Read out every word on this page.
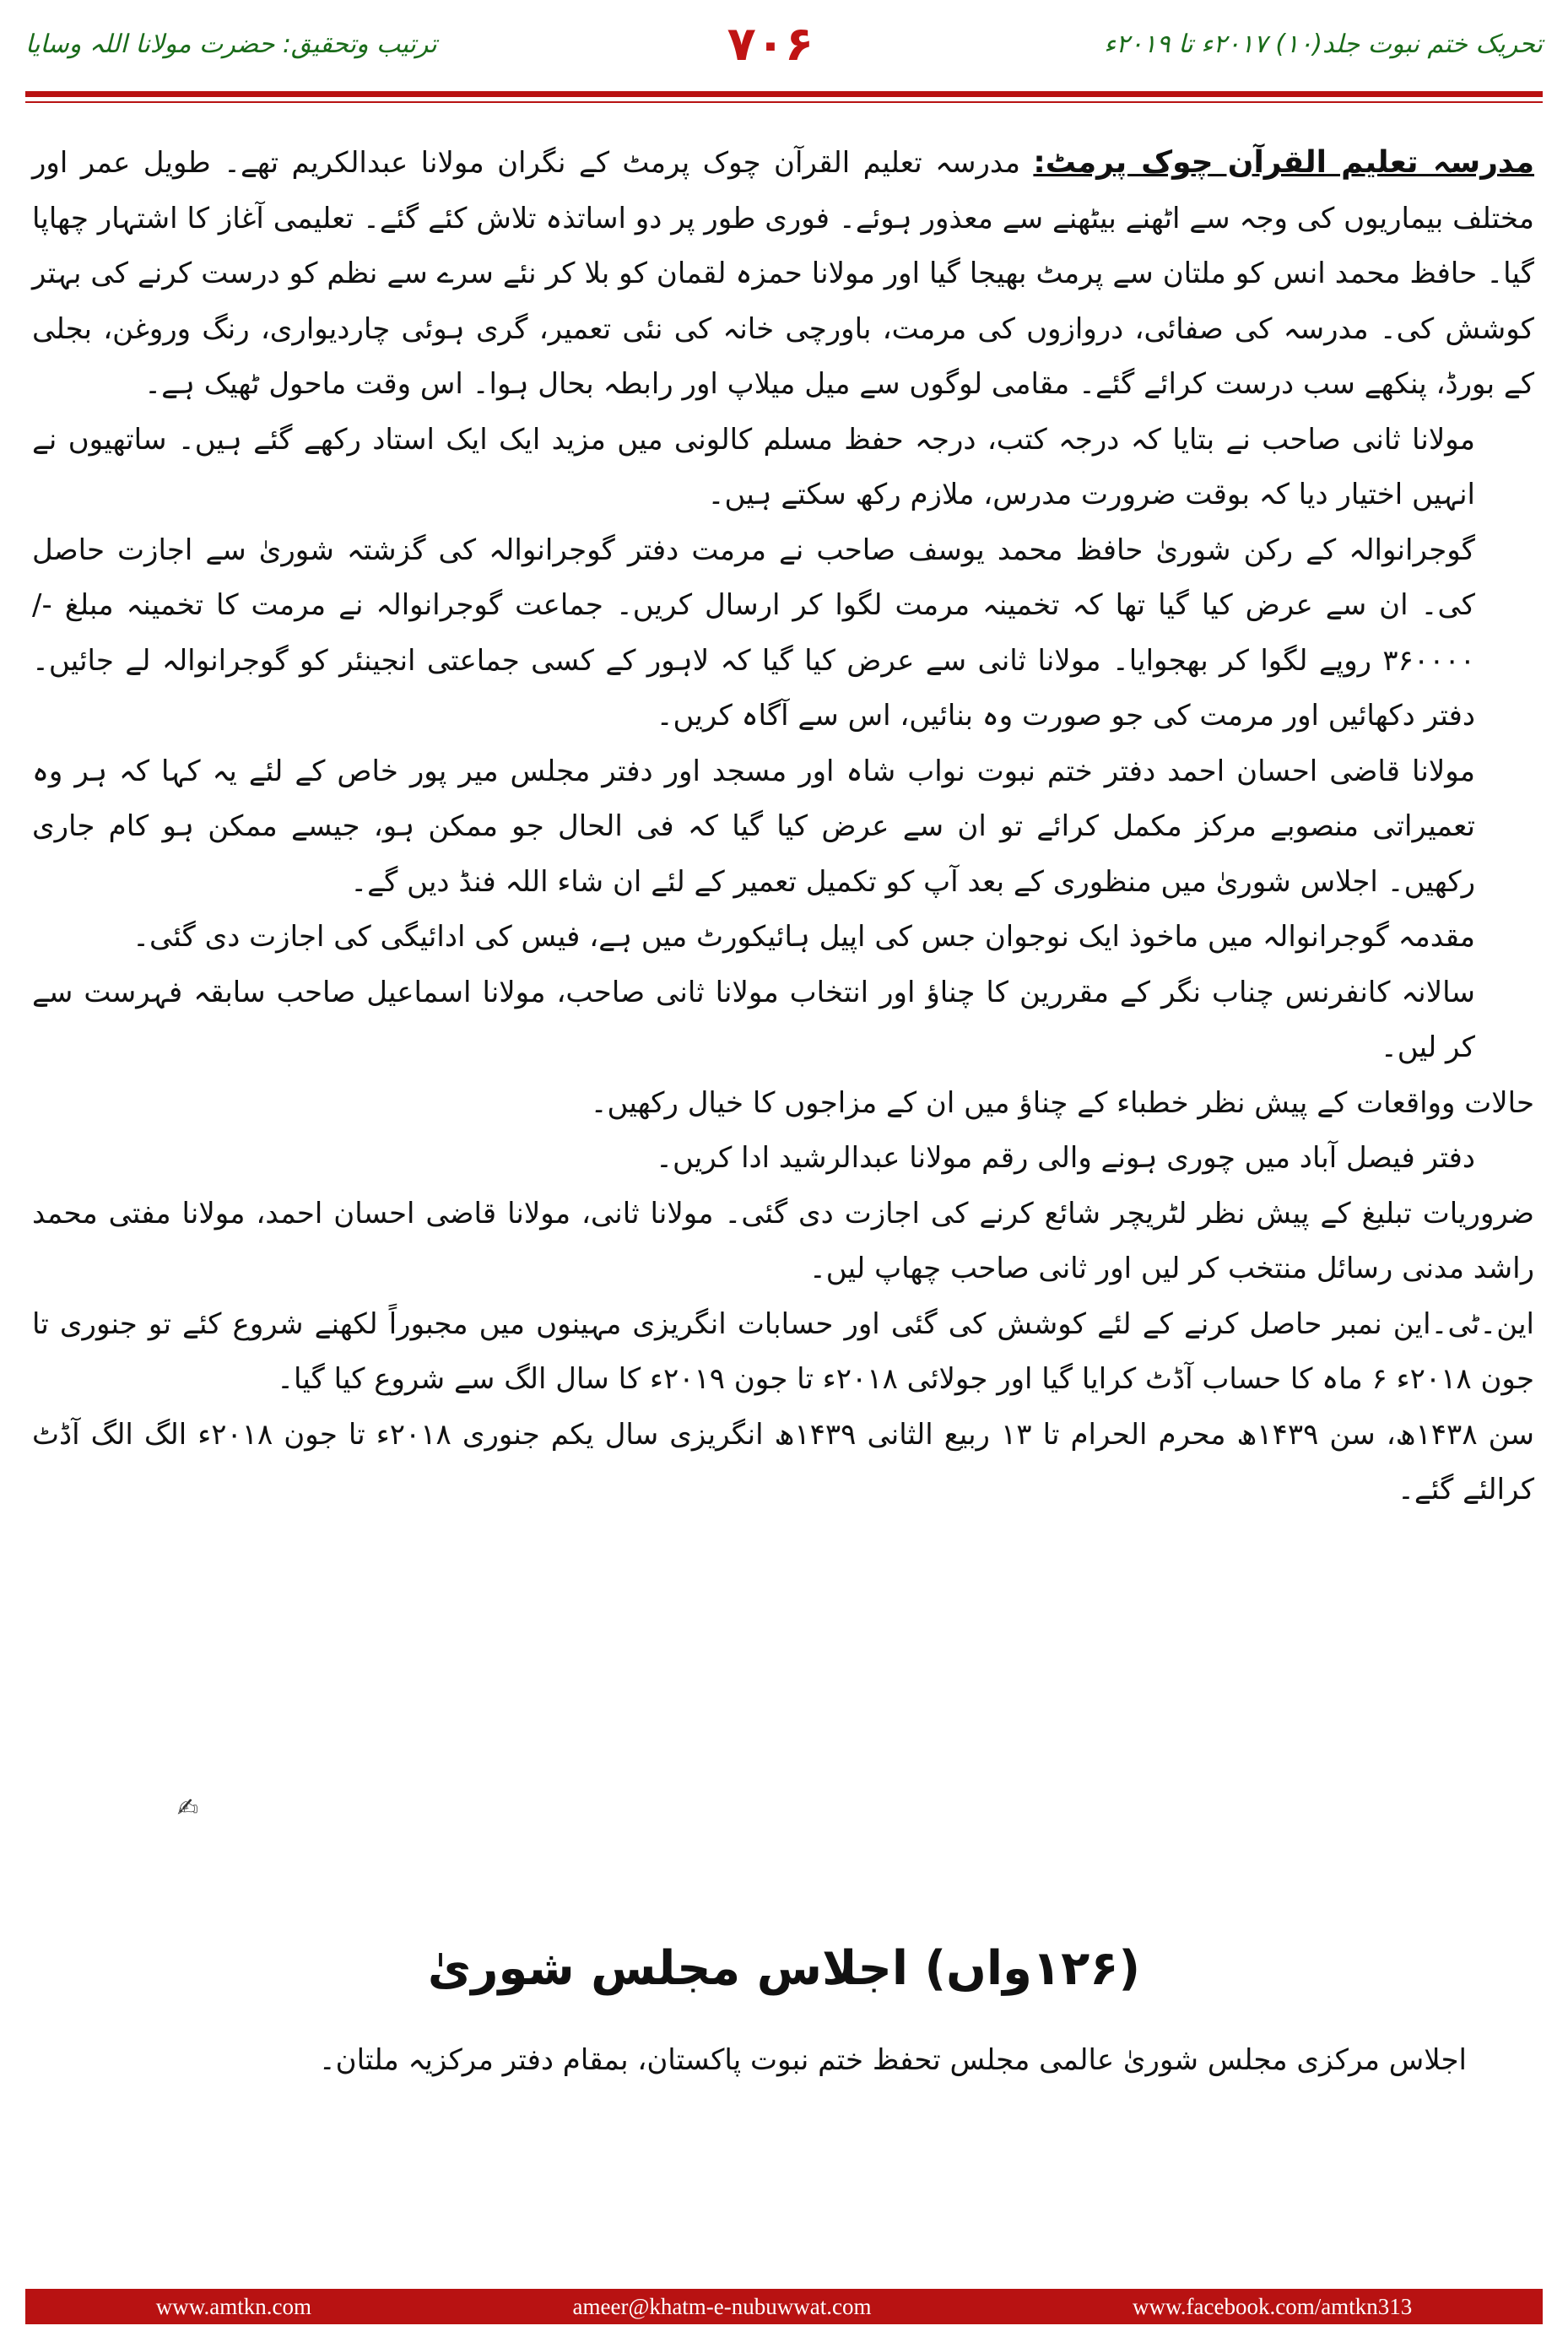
ترتیب وتحقیق: حضرت مولانا اللہ وسایا	۷۰۶	تحریک ختم نبوت جلد(۱۰) ۲۰۱۷ء تا ۲۰۱۹ء

مدرسہ تعلیم القرآن چوک پرمٹ: مدرسہ تعلیم القرآن چوک پرمٹ کے نگران مولانا عبدالکریم تھے۔ طویل عمر اور مختلف بیماریوں کی وجہ سے اٹھنے بیٹھنے سے معذور ہوئے۔ فوری طور پر دو اساتذہ تلاش کئے گئے۔ تعلیمی آغاز کا اشتہار چھاپا گیا۔ حافظ محمد انس کو ملتان سے پرمٹ بھیجا گیا اور مولانا حمزہ لقمان کو بلا کر نئے سرے سے نظم کو درست کرنے کی بہتر کوشش کی۔ مدرسہ کی صفائی، دروازوں کی مرمت، باورچی خانہ کی نئی تعمیر، گری ہوئی چاردیواری، رنگ وروغن، بجلی کے بورڈ، پنکھے سب درست کرائے گئے۔ مقامی لوگوں سے میل میلاپ اور رابطہ بحال ہوا۔ اس وقت ماحول ٹھیک ہے۔

مولانا ثانی صاحب نے بتایا کہ درجہ کتب، درجہ حفظ مسلم کالونی میں مزید ایک ایک استاد رکھے گئے ہیں۔ ساتھیوں نے انہیں اختیار دیا کہ بوقت ضرورت مدرس، ملازم رکھ سکتے ہیں۔

گوجرانوالہ کے رکن شوریٰ حافظ محمد یوسف صاحب نے مرمت دفتر گوجرانوالہ کی گزشتہ شوریٰ سے اجازت حاصل کی۔ ان سے عرض کیا گیا تھا کہ تخمینہ مرمت لگوا کر ارسال کریں۔ جماعت گوجرانوالہ نے مرمت کا تخمینہ مبلغ -/۳۶۰۰۰۰ روپے لگوا کر بھجوایا۔ مولانا ثانی سے عرض کیا گیا کہ لاہور کے کسی جماعتی انجینئر کو گوجرانوالہ لے جائیں۔ دفتر دکھائیں اور مرمت کی جو صورت وہ بنائیں، اس سے آگاہ کریں۔

مولانا قاضی احسان احمد دفتر ختم نبوت نواب شاہ اور مسجد اور دفتر مجلس میر پور خاص کے لئے یہ کہا کہ ہر وہ تعمیراتی منصوبے مرکز مکمل کرائے تو ان سے عرض کیا گیا کہ فی الحال جو ممکن ہو، جیسے ممکن ہو کام جاری رکھیں۔ اجلاس شوریٰ میں منظوری کے بعد آپ کو تکمیل تعمیر کے لئے ان شاء اللہ فنڈ دیں گے۔

مقدمہ گوجرانوالہ میں ماخوذ ایک نوجوان جس کی اپیل ہائیکورٹ میں ہے، فیس کی ادائیگی کی اجازت دی گئی۔

سالانہ کانفرنس چناب نگر کے مقررین کا چناؤ اور انتخاب مولانا ثانی صاحب، مولانا اسماعیل صاحب سابقہ فہرست سے کر لیں۔

حالات وواقعات کے پیش نظر خطباء کے چناؤ میں ان کے مزاجوں کا خیال رکھیں۔

دفتر فیصل آباد میں چوری ہونے والی رقم مولانا عبدالرشید ادا کریں۔

ضروریات تبلیغ کے پیش نظر لٹریچر شائع کرنے کی اجازت دی گئی۔ مولانا ثانی، مولانا قاضی احسان احمد، مولانا مفتی محمد راشد مدنی رسائل منتخب کر لیں اور ثانی صاحب چھاپ لیں۔

این۔ٹی۔این نمبر حاصل کرنے کے لئے کوشش کی گئی اور حسابات انگریزی مہینوں میں مجبوراً لکھنے شروع کئے تو جنوری تا جون ۲۰۱۸ء ۶ ماہ کا حساب آڈٹ کرایا گیا اور جولائی ۲۰۱۸ء تا جون ۲۰۱۹ء کا سال الگ سے شروع کیا گیا۔

سن ۱۴۳۸ھ، سن ۱۴۳۹ھ محرم الحرام تا ۱۳ ربیع الثانی ۱۴۳۹ھ انگریزی سال یکم جنوری ۲۰۱۸ء تا جون ۲۰۱۸ء الگ الگ آڈٹ کرالئے گئے۔

✍
(۱۲۶واں) اجلاس مجلس شوریٰ
اجلاس مرکزی مجلس شوریٰ عالمی مجلس تحفظ ختم نبوت پاکستان، بمقام دفتر مرکزیہ ملتان۔
www.amtkn.com	ameer@khatm-e-nubuwwat.com	www.facebook.com/amtkn313
